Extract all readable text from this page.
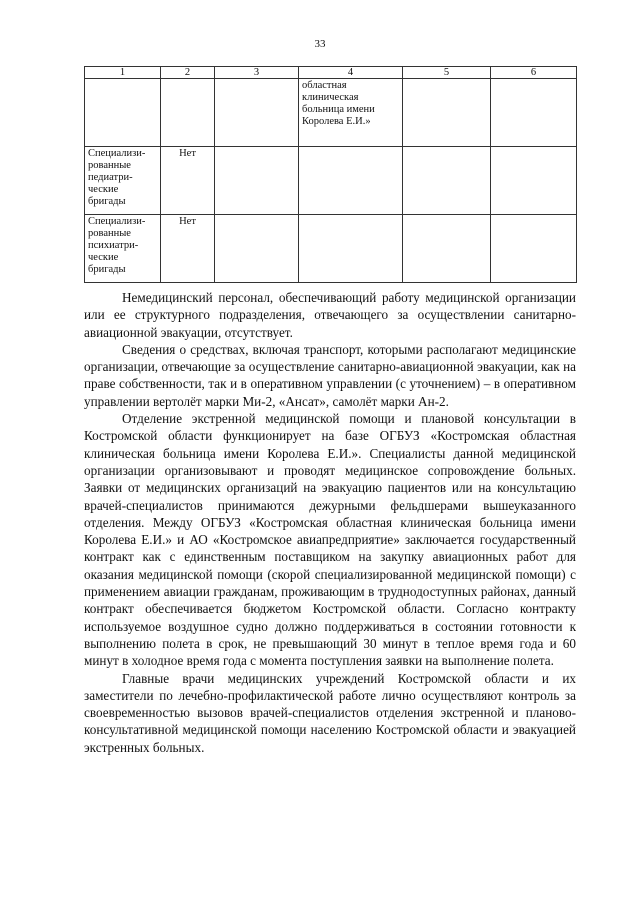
33
1	2	3	4	5	6

			областная
клиническая
больница имени
Королева Е.И.»		

Специализи-
рованные
педиатри-
ческие
бригады	Нет				

Специализи-
рованные
психиатри-
ческие
бригады	Нет				

Немедицинский персонал, обеспечивающий работу медицинской организации или ее структурного подразделения, отвечающего за осуществлении санитарно-авиационной эвакуации, отсутствует.

Сведения о средствах, включая транспорт, которыми располагают медицинские организации, отвечающие за осуществление санитарно-авиационной эвакуации, как на праве собственности, так и в оперативном управлении (с уточнением) – в оперативном управлении вертолёт марки Ми-2, «Ансат», самолёт марки Ан-2.

Отделение экстренной медицинской помощи и плановой консультации в Костромской области функционирует на базе ОГБУЗ «Костромская областная клиническая больница имени Королева Е.И.». Специалисты данной медицинской организации организовывают и проводят медицинское сопровождение больных. Заявки от медицинских организаций на эвакуацию пациентов или на консультацию врачей-специалистов принимаются дежурными фельдшерами вышеуказанного отделения. Между ОГБУЗ «Костромская областная клиническая больница имени Королева Е.И.» и АО «Костромское авиапредприятие» заключается государственный контракт как с единственным поставщиком на закупку авиационных работ для оказания медицинской помощи (скорой специализированной медицинской помощи) с применением авиации гражданам, проживающим в труднодоступных районах, данный контракт обеспечивается бюджетом Костромской области. Согласно контракту используемое воздушное судно должно поддерживаться в состоянии готовности к выполнению полета в срок, не превышающий 30 минут в теплое время года и 60 минут в холодное время года с момента поступления заявки на выполнение полета.

Главные врачи медицинских учреждений Костромской области и их заместители по лечебно-профилактической работе лично осуществляют контроль за своевременностью вызовов врачей-специалистов отделения экстренной и планово-консультативной медицинской помощи населению Костромской области и эвакуацией экстренных больных.
